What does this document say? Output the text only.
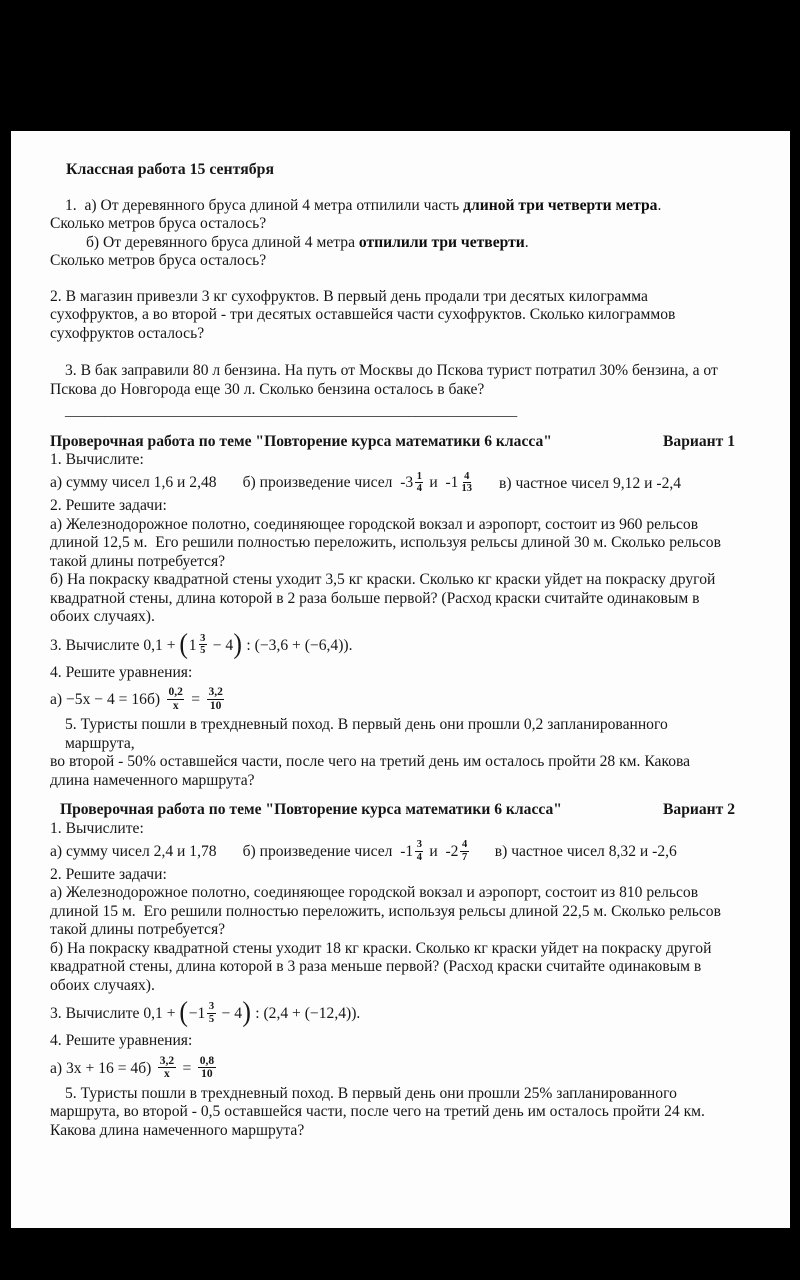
Классная работа 15 сентября
1.  а) От деревянного бруса длиной 4 метра отпилили часть длиной три четверти метра.
Сколько метров бруса осталось?
б) От деревянного бруса длиной 4 метра отпилили три четверти.
Сколько метров бруса осталось?
2. В магазин привезли 3 кг сухофруктов. В первый день продали три десятых килограмма
сухофруктов, а во второй - три десятых оставшейся части сухофруктов. Сколько килограммов
сухофруктов осталось?
3. В бак заправили 80 л бензина. На путь от Москвы до Пскова турист потратил 30% бензина, а от
Пскова до Новгорода еще 30 л. Сколько бензина осталось в баке?
__________________________________________________________
Проверочная работа по теме "Повторение курса математики 6 класса"	Вариант 1
1. Вычислите:
а) сумму чисел 1,6 и 2,48 б) произведение чисел  $-3 \frac{1}{4}$ и  $-1 \frac{4}{13} в$) частное чисел 9,12 и -2,4
2. Решите задачи:
а) Железнодорожное полотно, соединяющее городской вокзал и аэропорт, состоит из 960 рельсов
длиной 12,5 м.  Его решили полностью переложить, используя рельсы длиной 30 м. Сколько рельсов
такой длины потребуется?
б) На покраску квадратной стены уходит 3,5 кг краски. Сколько кг краски уйдет на покраску другой
квадратной стены, длина которой в 2 раза больше первой? (Расход краски считайте одинаковым в
обоих случаях).
3. Вычислите $0,1 + (1 \frac{3}{5} - 4)$ : (−3,6 + (−6,4)).
4. Решите уравнения:
$а) -5x - 4 = 16б) \frac{0,2}{x} = \frac{3,2}{10}$
5. Туристы пошли в трехдневный поход. В первый день они прошли 0,2 запланированного маршрута,
во второй - 50% оставшейся части, после чего на третий день им осталось пройти 28 км. Какова
длина намеченного маршрута?
Проверочная работа по теме "Повторение курса математики 6 класса"	Вариант 2
1. Вычислите:
а) сумму чисел 2,4 и 1,78 б) произведение чисел  $-1 \frac{3}{4}$ и  $-2 \frac{4}{7} в$) частное чисел 8,32 и -2,6
2. Решите задачи:
а) Железнодорожное полотно, соединяющее городской вокзал и аэропорт, состоит из 810 рельсов
длиной 15 м.  Его решили полностью переложить, используя рельсы длиной 22,5 м. Сколько рельсов
такой длины потребуется?
б) На покраску квадратной стены уходит 18 кг краски. Сколько кг краски уйдет на покраску другой
квадратной стены, длина которой в 3 раза меньше первой? (Расход краски считайте одинаковым в
обоих случаях).
3. Вычислите $0,1 + (-1 \frac{3}{5} - 4)$ : (2,4 + (−12,4)).
4. Решите уравнения:
а) $3x + 16 = 4б) \frac{3,2}{x} = \frac{0,8}{10}$
5. Туристы пошли в трехдневный поход. В первый день они прошли 25% запланированного
маршрута, во второй - 0,5 оставшейся части, после чего на третий день им осталось пройти 24 км.
Какова длина намеченного маршрута?
